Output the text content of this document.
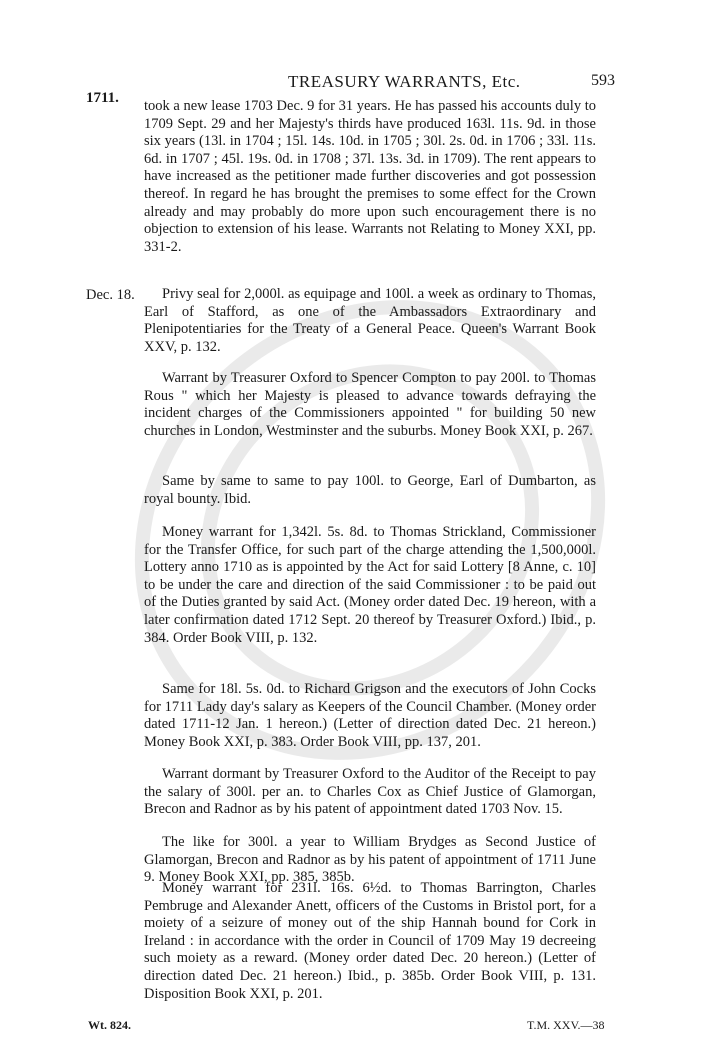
1711.
TREASURY WARRANTS, Etc.	593
Dec. 18.

took a new lease 1703 Dec. 9 for 31 years. He has passed his accounts duly to 1709 Sept. 29 and her Majesty's thirds have produced 163l. 11s. 9d. in those six years (13l. in 1704 ; 15l. 14s. 10d. in 1705 ; 30l. 2s. 0d. in 1706 ; 33l. 11s. 6d. in 1707 ; 45l. 19s. 0d. in 1708 ; 37l. 13s. 3d. in 1709). The rent appears to have increased as the petitioner made further discoveries and got possession thereof. In regard he has brought the premises to some effect for the Crown already and may probably do more upon such encouragement there is no objection to extension of his lease. Warrants not Relating to Money XXI, pp. 331-2.

Privy seal for 2,000l. as equipage and 100l. a week as ordinary to Thomas, Earl of Stafford, as one of the Ambassadors Extraordinary and Plenipotentiaries for the Treaty of a General Peace. Queen's Warrant Book XXV, p. 132.

Warrant by Treasurer Oxford to Spencer Compton to pay 200l. to Thomas Rous " which her Majesty is pleased to advance towards defraying the incident charges of the Commissioners appointed " for building 50 new churches in London, Westminster and the suburbs. Money Book XXI, p. 267.

Same by same to same to pay 100l. to George, Earl of Dumbarton, as royal bounty. Ibid.

Money warrant for 1,342l. 5s. 8d. to Thomas Strickland, Commissioner for the Transfer Office, for such part of the charge attending the 1,500,000l. Lottery anno 1710 as is appointed by the Act for said Lottery [8 Anne, c. 10] to be under the care and direction of the said Commissioner : to be paid out of the Duties granted by said Act. (Money order dated Dec. 19 hereon, with a later confirmation dated 1712 Sept. 20 thereof by Treasurer Oxford.) Ibid., p. 384. Order Book VIII, p. 132.

Same for 18l. 5s. 0d. to Richard Grigson and the executors of John Cocks for 1711 Lady day's salary as Keepers of the Council Chamber. (Money order dated 1711-12 Jan. 1 hereon.) (Letter of direction dated Dec. 21 hereon.) Money Book XXI, p. 383. Order Book VIII, pp. 137, 201.

Warrant dormant by Treasurer Oxford to the Auditor of the Receipt to pay the salary of 300l. per an. to Charles Cox as Chief Justice of Glamorgan, Brecon and Radnor as by his patent of appointment dated 1703 Nov. 15.

The like for 300l. a year to William Brydges as Second Justice of Glamorgan, Brecon and Radnor as by his patent of appointment of 1711 June 9. Money Book XXI, pp. 385, 385b.

Money warrant for 231l. 16s. 6½d. to Thomas Barrington, Charles Pembruge and Alexander Anett, officers of the Customs in Bristol port, for a moiety of a seizure of money out of the ship Hannah bound for Cork in Ireland : in accordance with the order in Council of 1709 May 19 decreeing such moiety as a reward. (Money order dated Dec. 20 hereon.) (Letter of direction dated Dec. 21 hereon.) Ibid., p. 385b. Order Book VIII, p. 131. Disposition Book XXI, p. 201.

Wt. 824.	T.M. XXV.—38
